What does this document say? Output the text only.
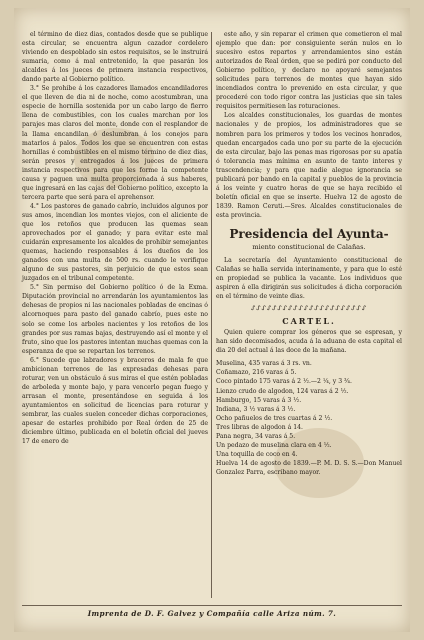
el término de diez dias, contados desde que se publique esta circular, se encuentra algun cazador cordelero viviendo en despoblado sin estos requisitos, se le instruirá sumaria, como á mal entretenido, la que pasarán los alcaldes á los jueces de primera instancia respectivos, dando parte al Gobierno político.

3.° Se prohibe á los cazadores llamados encandiladores el que lleven de dia ni de noche, como acostumbran, una especie de hornilla sostenida por un cabo largo de fierro llena de combustibles, con los cuales marchan por los parajes mas claros del monte, donde con el resplandor de la llama encandilan ó deslumbran á los conejos para matarlos á palos. Todos los que se encuentren con estas hornillas é combustibles en el mismo término de diez dias, serán presos y entregados á los jueces de primera instancia respectivos para que les forme la competente causa y paguen una multa proporcionada á sus haberes, que ingresará en las cajas del Gobierno político, excepto la tercera parte que será para el aprehensor.

4.° Los pastores de ganado cabrío, incluidos algunos por sus amos, incendian los montes viejos, con el aliciente de que los retoños que producen las quemas sean aprovechados por el ganado; y para evitar este mal cuidarán expresamente los alcaldes de prohibir semejantes quemas, haciendo responsables á los dueños de los ganados con una multa de 500 rs. cuando le verifique alguno de sus pastores, sin perjuicio de que estos sean juzgados en el tribunal competente.

5.° Sin permiso del Gobierno político ó de la Exma. Diputación provincial no arrendarán los ayuntamientos las dehesas de propios ni las nacionales pobladas de encinas ó alcornoques para pasto del ganado cabrío, pues este no solo se come los arboles nacientes y los retoños de los grandes por sus ramas bajas, destruyendo así el monte y el fruto, sino que los pastores intentan muchas quemas con la esperanza de que se repartan los terrenos.

6.° Sucede que labradores y braceros de mala fe que ambicionan terrenos de las expresadas dehesas para roturar, ven un obstáculo á sus miras el que estén pobladas de arboleda y monte bajo, y para vencerlo pegan fuego y arrasan el monte, presentándose en seguida á los ayuntamientos en solicitud de licencias para roturar y sembrar, las cuales suelen conceder dichas corporaciones, apesar de estarles prohibido por Real órden de 25 de diciembre último, publicada en el boletín oficial del jueves 17 de enero de

este año, y sin reparar el crimen que cometieron el mal ejemplo que dan: por consiguiente serán nulos en lo sucesivo estos repartos y arrendamientos sino están autorizados de Real órden, que se pedirá por conducto del Gobierno político, y declaro no apoyaré semejantes solicitudes para terrenos de montes que hayan sido incendiados contra lo prevenido en esta circular, y que procederé con todo rigor contra las justicias que sin tales requisitos permitiesen las roturaciones.

Los alcaldes constitucionales, los guardas de montes nacionales y de propios, los administradores que se nombren para los primeros y todos los vecinos honrados, quedan encargados cada uno por su parte de la ejecución de esta circular, bajo las penas mas rigorosas por su apatía ó tolerancia mas mínima en asunto de tanto interes y trascendencia; y para que nadie alegue ignorancia se publicará por bando en la capital y pueblos de la provincia á los veinte y cuatro horas de que se haya recibido el boletín oficial en que se inserte. Huelva 12 de agosto de 1839. Ramon Ceruti.—Sres. Alcaldes constitucionales de esta provincia.

Presidencia del Ayunta-
miento constitucional de Calañas.

La secretaría del Ayuntamiento constitucional de Calañas se halla servida interinamente, y para que lo esté en propiedad se publica la vacante. Los individuos que aspiren á ella dirigirán sus solicitudes á dicha corporación en el término de veinte dias.

ᔑᔑᔑᔑᔑᔑᔑᔑᔑᔑᔑᔑᔑᔑᔑᔑᔑᔑᔑᔑᔑᔑ
CARTEL.

Quien quiere comprar los géneros que se espresan, y han sido decomisados, acuda á la aduana de esta capital el dia 20 del actual á las doce de la mañana.

Muselina, 435 varas á 3 rs. vn.
Coñamazo, 216 varas á 5.
Coco pintado 175 varas á 2 ½.—2 ¼, y 3 ¾.
Lienzo crudo de algodon, 124 varas á 2 ½.
Hamburgo, 15 varas á 3 ½.
Indiana, 3 ½ varas á 3 ½.
Ocho pañuelos de tres cuartas á 2 ½.
Tres libras de algodon á 14.
Pana negra, 34 varas á 5.
Un pedazo de muselina clara en 4 ½.
Una toquilla de coco en 4.
Huelva 14 de agosto de 1839.—P. M. D. S. S.—Don Manuel Gonzalez Parra, escribano mayor.
Imprenta de D. F. Galvez y Compañía calle Ariza núm. 7.
